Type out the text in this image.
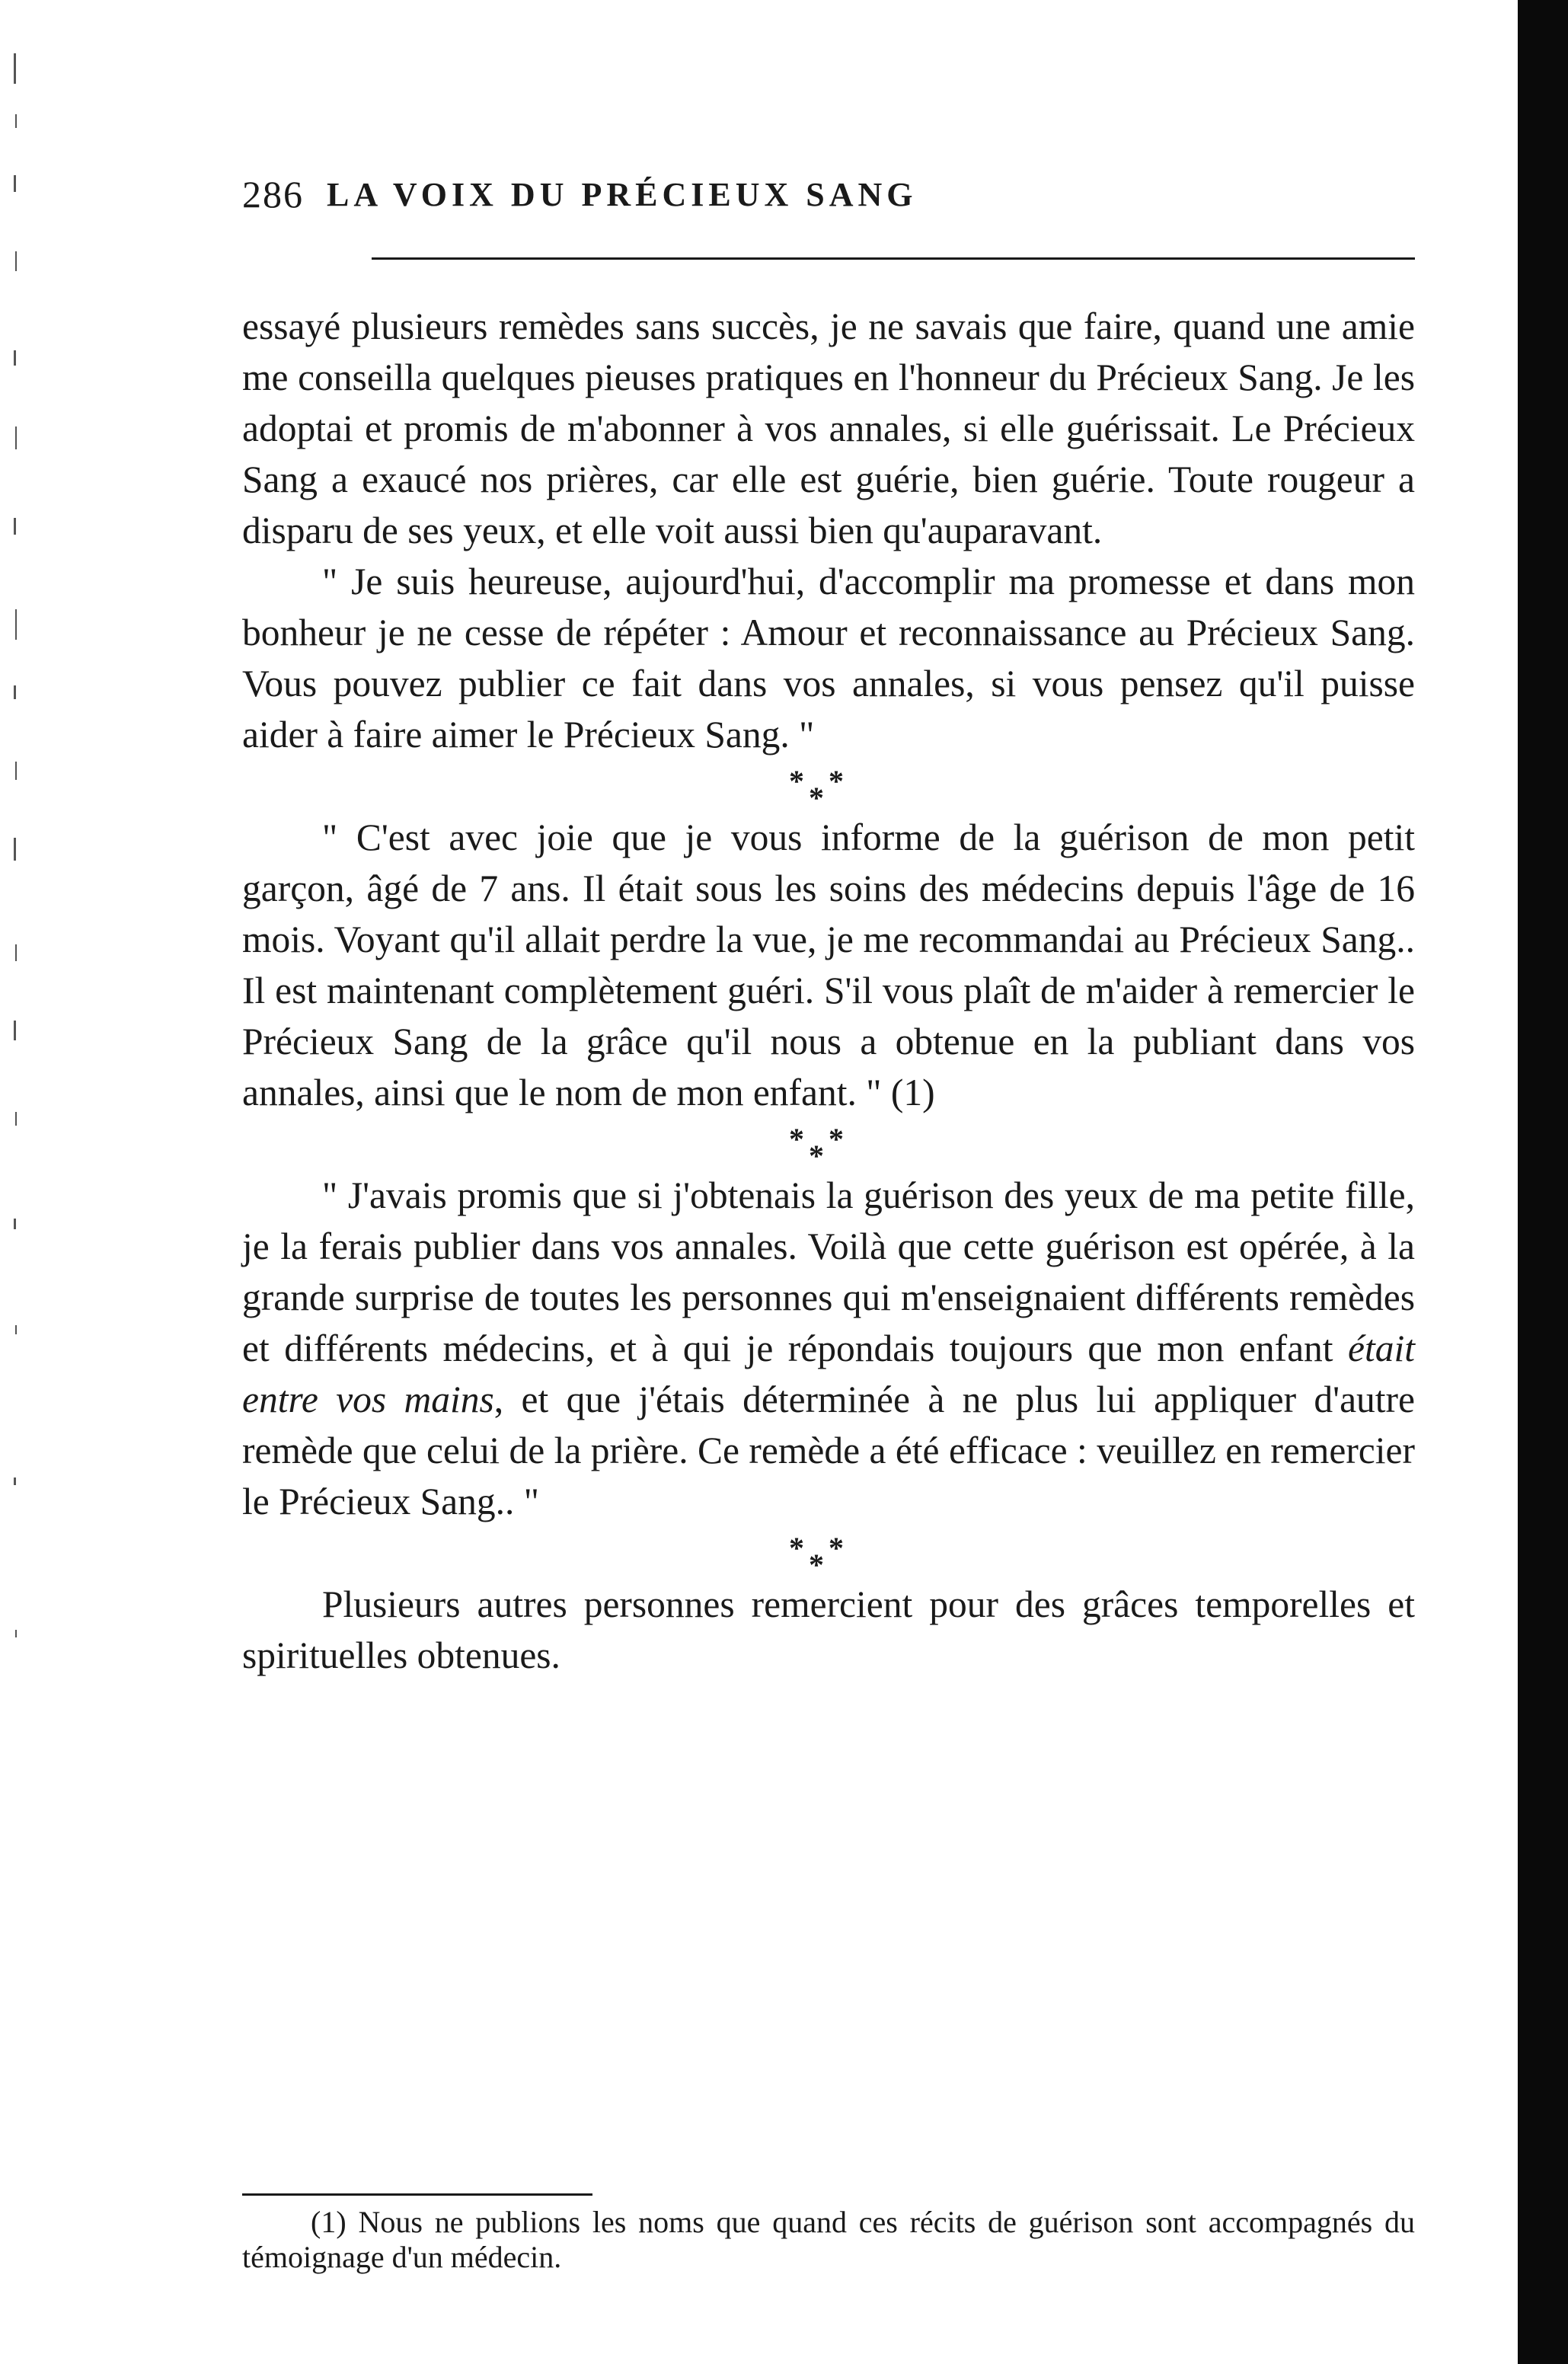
286 LA VOIX DU PRÉCIEUX SANG

essayé plusieurs remèdes sans succès, je ne savais que faire, quand une amie me conseilla quelques pieuses pratiques en l'honneur du Précieux Sang. Je les adoptai et promis de m'abonner à vos annales, si elle guérissait. Le Précieux Sang a exaucé nos prières, car elle est guérie, bien guérie. Toute rougeur a disparu de ses yeux, et elle voit aussi bien qu'auparavant.

" Je suis heureuse, aujourd'hui, d'accomplir ma promesse et dans mon bonheur je ne cesse de répéter : Amour et reconnaissance au Précieux Sang. Vous pouvez publier ce fait dans vos annales, si vous pensez qu'il puisse aider à faire aimer le Précieux Sang. "

* *
*

" C'est avec joie que je vous informe de la guérison de mon petit garçon, âgé de 7 ans. Il était sous les soins des médecins depuis l'âge de 16 mois. Voyant qu'il allait perdre la vue, je me recommandai au Précieux Sang.. Il est maintenant complètement guéri. S'il vous plaît de m'aider à remercier le Précieux Sang de la grâce qu'il nous a obtenue en la publiant dans vos annales, ainsi que le nom de mon enfant. " (1)

* *
*

" J'avais promis que si j'obtenais la guérison des yeux de ma petite fille, je la ferais publier dans vos annales. Voilà que cette guérison est opérée, à la grande surprise de toutes les personnes qui m'enseignaient différents remèdes et différents médecins, et à qui je répondais toujours que mon enfant était entre vos mains, et que j'étais déterminée à ne plus lui appliquer d'autre remède que celui de la prière. Ce remède a été efficace : veuillez en remercier le Précieux Sang.. "

* *
*

Plusieurs autres personnes remercient pour des grâces temporelles et spirituelles obtenues.

(1) Nous ne publions les noms que quand ces récits de guérison sont accompagnés du témoignage d'un médecin.
